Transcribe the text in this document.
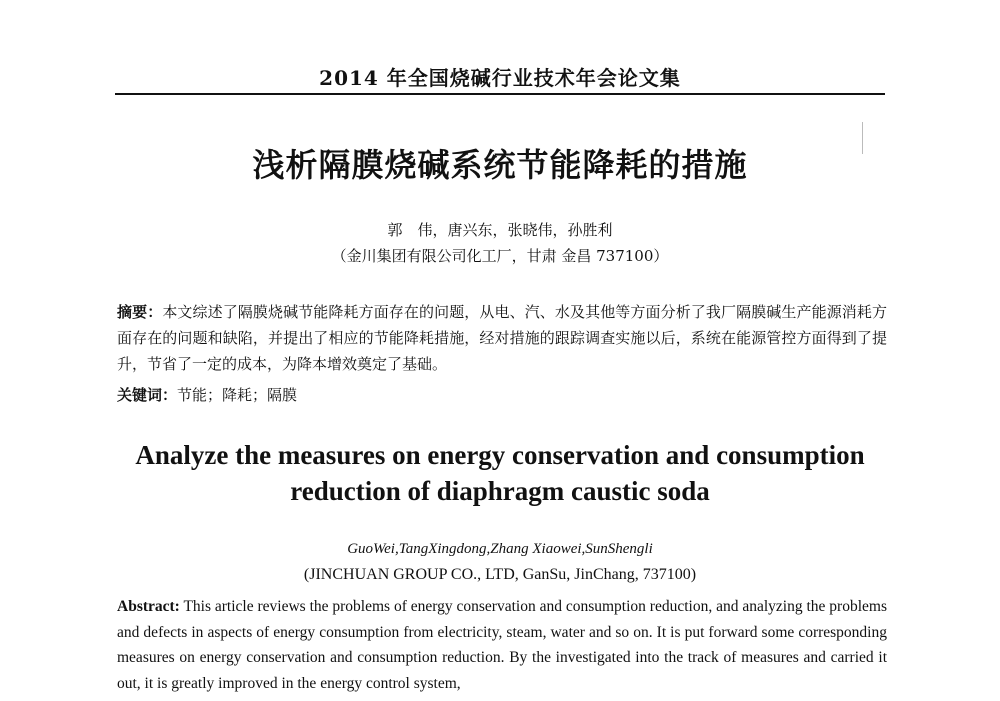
2014 年全国烧碱行业技术年会论文集
浅析隔膜烧碱系统节能降耗的措施
郭　伟，唐兴东，张晓伟，孙胜利
（金川集团有限公司化工厂，甘肃 金昌 737100）
摘要：本文综述了隔膜烧碱节能降耗方面存在的问题，从电、汽、水及其他等方面分析了我厂隔膜碱生产能源消耗方面存在的问题和缺陷，并提出了相应的节能降耗措施，经对措施的跟踪调查实施以后，系统在能源管控方面得到了提升，节省了一定的成本，为降本增效奠定了基础。
关键词：节能；降耗；隔膜
Analyze the measures on energy conservation and consumption
reduction of diaphragm caustic soda
GuoWei,TangXingdong,Zhang Xiaowei,SunShengli
(JINCHUAN GROUP CO., LTD, GanSu, JinChang, 737100)
Abstract: This article reviews the problems of energy conservation and consumption reduction, and analyzing the problems and defects in aspects of energy consumption from electricity, steam, water and so on. It is put forward some corresponding measures on energy conservation and consumption reduction. By the investigated into the track of measures and carried it out, it is greatly improved in the energy control system,
